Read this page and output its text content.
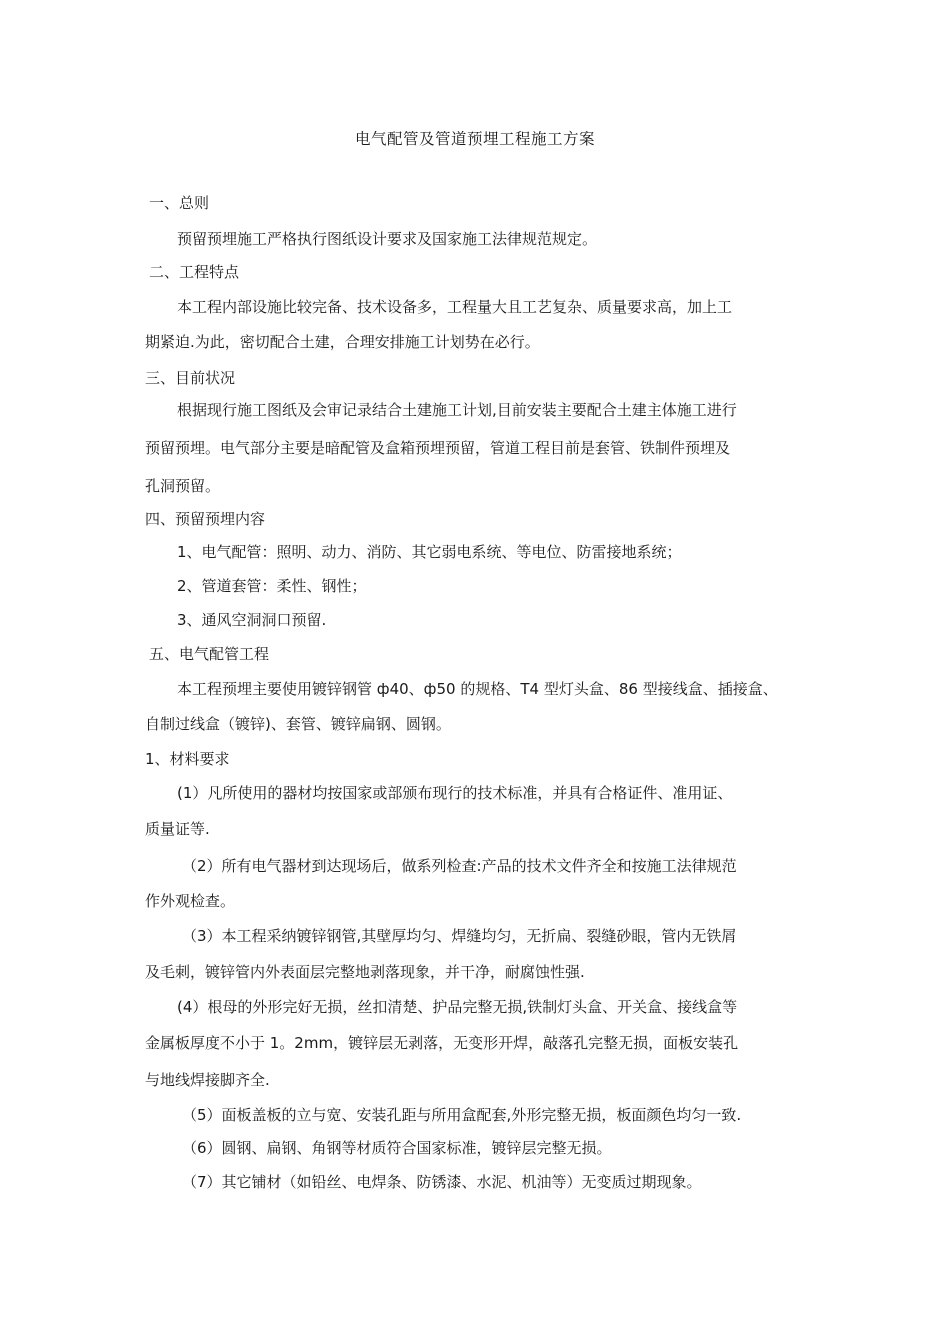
电气配管及管道预埋工程施工方案
一、总则
预留预埋施工严格执行图纸设计要求及国家施工法律规范规定。
二、工程特点
本工程内部设施比较完备、技术设备多，工程量大且工艺复杂、质量要求高，加上工
期紧迫.为此，密切配合土建，合理安排施工计划势在必行。
三、目前状况
根据现行施工图纸及会审记录结合土建施工计划,目前安装主要配合土建主体施工进行
预留预埋。电气部分主要是暗配管及盒箱预埋预留，管道工程目前是套管、铁制件预埋及
孔洞预留。
四、预留预埋内容
1、电气配管：照明、动力、消防、其它弱电系统、等电位、防雷接地系统；
2、管道套管：柔性、钢性；
3、通风空洞洞口预留.
五、电气配管工程
本工程预埋主要使用镀锌钢管 ф40、ф50 的规格、T4 型灯头盒、86 型接线盒、插接盒、
自制过线盒（镀锌)、套管、镀锌扁钢、圆钢。
1、材料要求
(1）凡所使用的器材均按国家或部颁布现行的技术标准，并具有合格证件、准用证、
质量证等.
（2）所有电气器材到达现场后，做系列检查:产品的技术文件齐全和按施工法律规范
作外观检查。
（3）本工程采纳镀锌钢管,其壁厚均匀、焊缝均匀，无折扁、裂缝砂眼，管内无铁屑
及毛刺，镀锌管内外表面层完整地剥落现象，并干净，耐腐蚀性强.
(4）根母的外形完好无损，丝扣清楚、护品完整无损,铁制灯头盒、开关盒、接线盒等
金属板厚度不小于 1。2mm，镀锌层无剥落，无变形开焊，敲落孔完整无损，面板安装孔
与地线焊接脚齐全.
（5）面板盖板的立与宽、安装孔距与所用盒配套,外形完整无损，板面颜色均匀一致.
（6）圆钢、扁钢、角钢等材质符合国家标准，镀锌层完整无损。
（7）其它铺材（如铅丝、电焊条、防锈漆、水泥、机油等）无变质过期现象。
